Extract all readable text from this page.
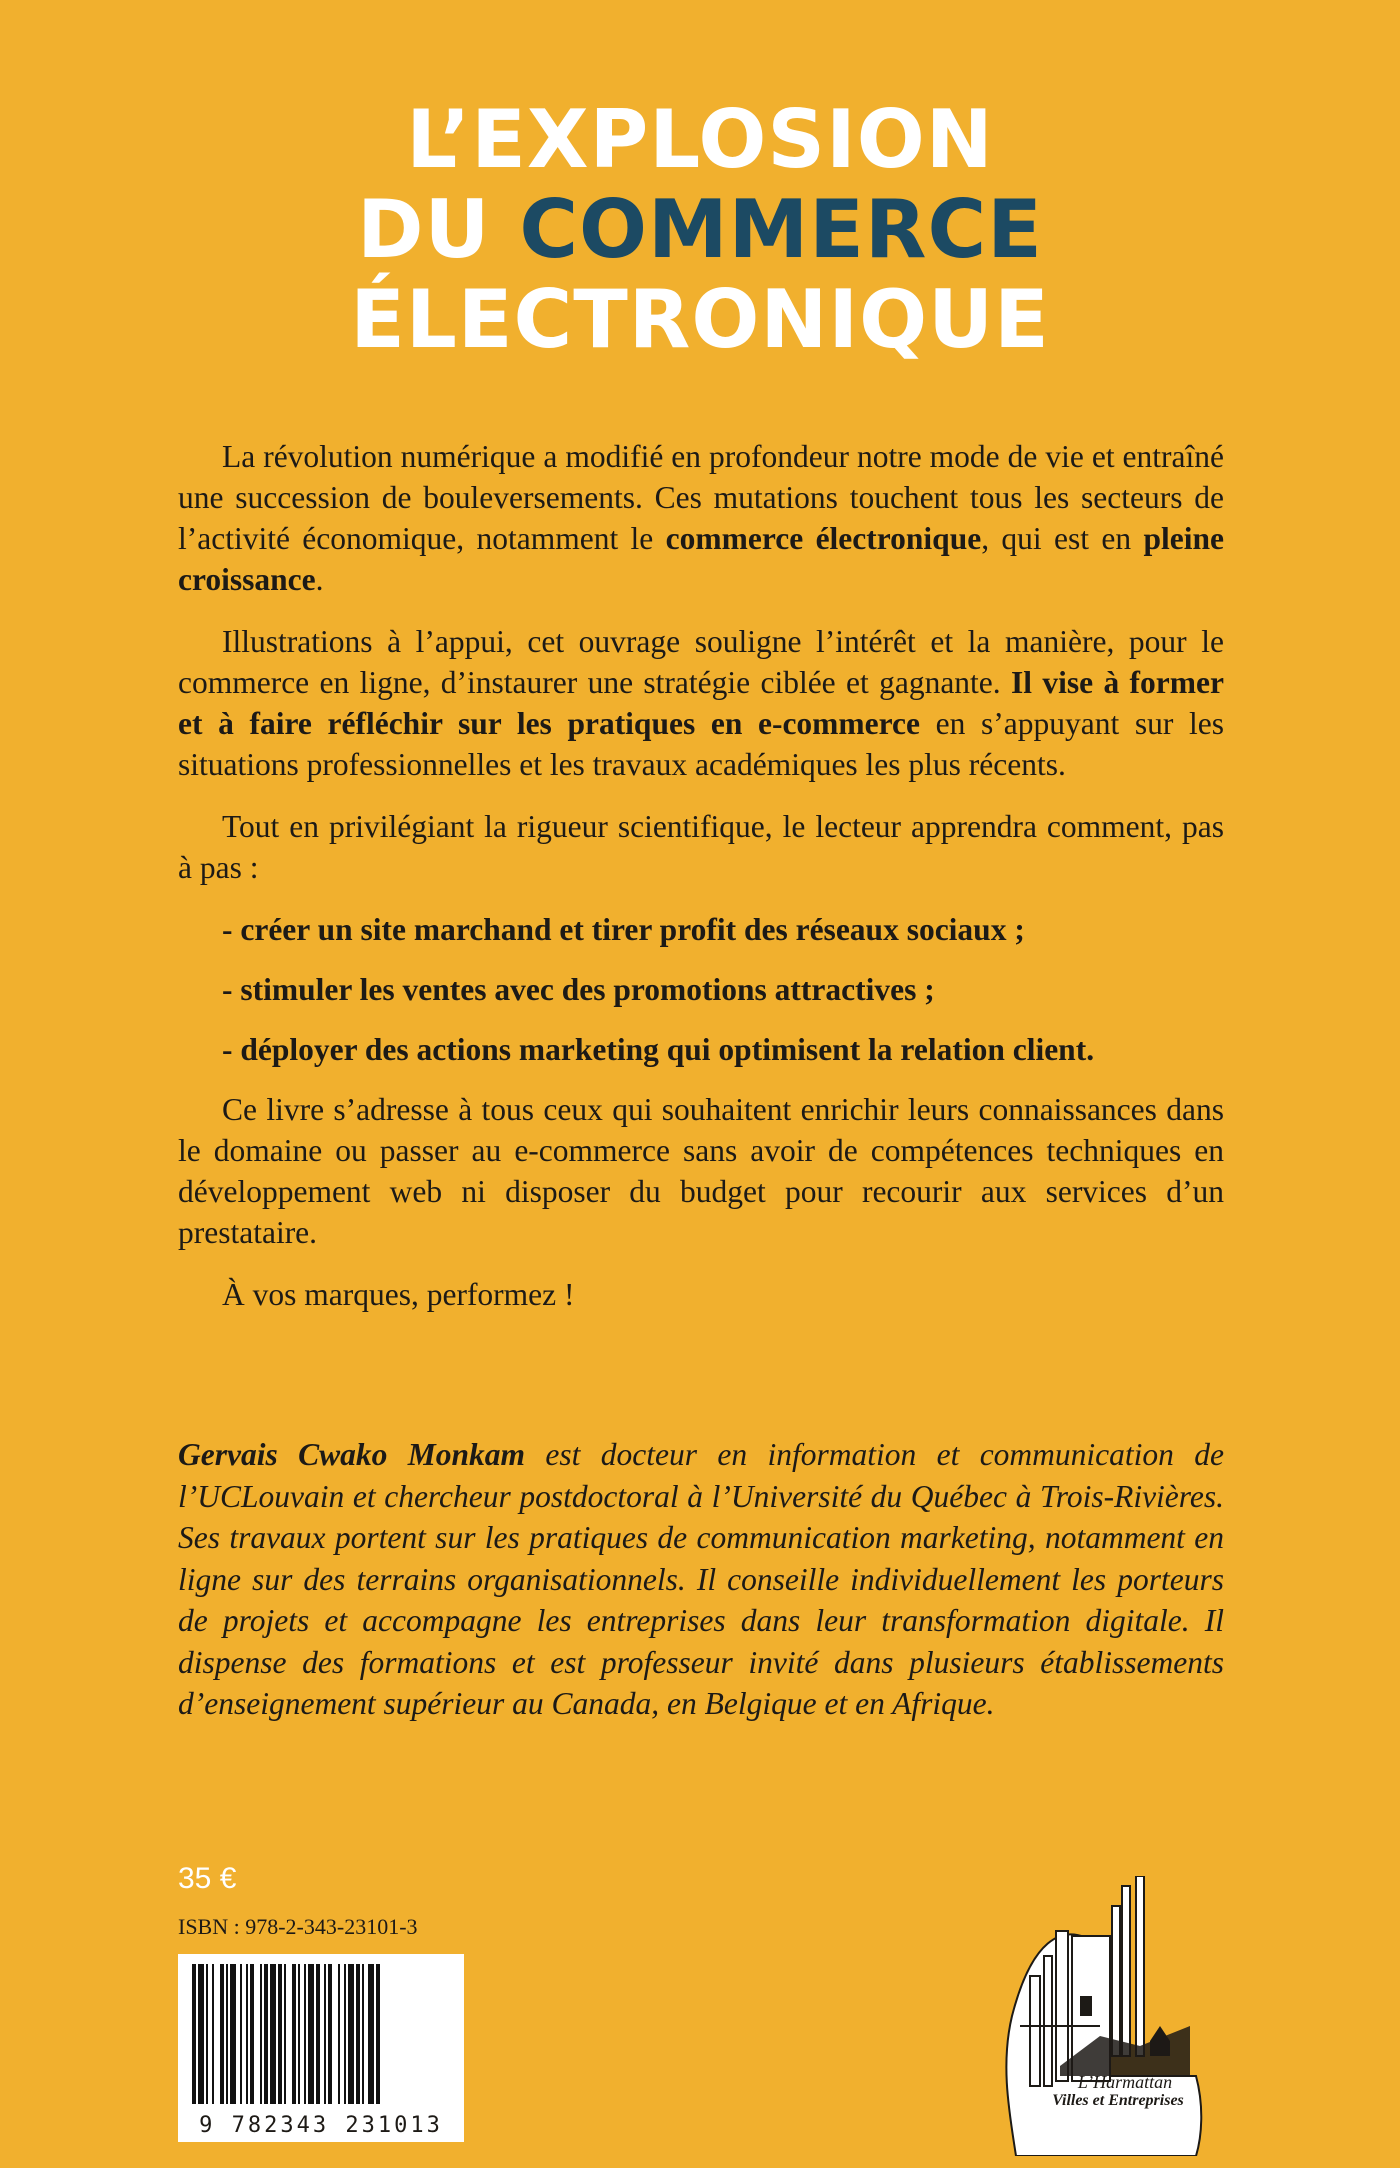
L’EXPLOSION
DU COMMERCE
ÉLECTRONIQUE

La révolution numérique a modifié en profondeur notre mode de vie et entraîné une succession de bouleversements. Ces mutations touchent tous les secteurs de l’activité économique, notamment le commerce électronique, qui est en pleine croissance.

Illustrations à l’appui, cet ouvrage souligne l’intérêt et la manière, pour le commerce en ligne, d’instaurer une stratégie ciblée et gagnante. Il vise à former et à faire réfléchir sur les pratiques en e-commerce en s’appuyant sur les situations professionnelles et les travaux académiques les plus récents.

Tout en privilégiant la rigueur scientifique, le lecteur apprendra comment, pas à pas :

- créer un site marchand et tirer profit des réseaux sociaux ;

- stimuler les ventes avec des promotions attractives ;

- déployer des actions marketing qui optimisent la relation client.

Ce livre s’adresse à tous ceux qui souhaitent enrichir leurs connaissances dans le domaine ou passer au e-commerce sans avoir de compétences techniques en développement web ni disposer du budget pour recourir aux services d’un prestataire.

À vos marques, performez !

Gervais Cwako Monkam est docteur en information et communication de l’UCLouvain et chercheur postdoctoral à l’Université du Québec à Trois-Rivières. Ses travaux portent sur les pratiques de communication marketing, notamment en ligne sur des terrains organisationnels. Il conseille individuellement les porteurs de projets et accompagne les entreprises dans leur transformation digitale. Il dispense des formations et est professeur invité dans plusieurs établissements d’enseignement supérieur au Canada, en Belgique et en Afrique.
35 €
ISBN : 978-2-343-23101-3
9 782343 231013
L’Harmattan
Villes et Entreprises
